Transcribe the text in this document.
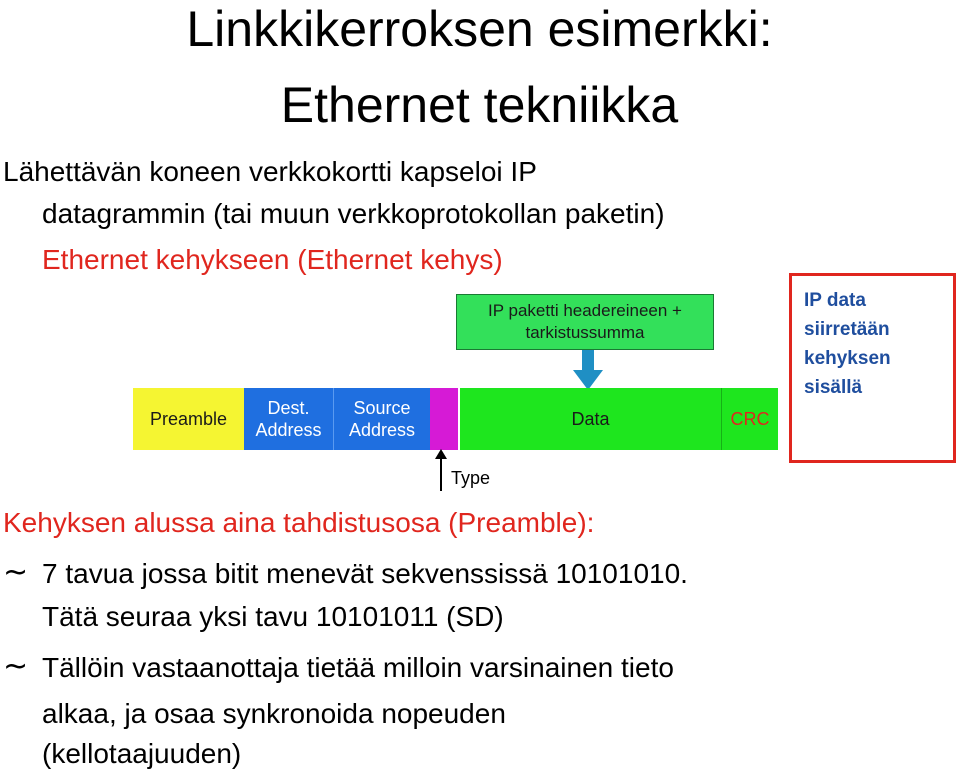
Linkkikerroksen esimerkki:
Ethernet tekniikka
Lähettävän koneen verkkokortti kapseloi IP
datagrammin (tai muun verkkoprotokollan paketin)
Ethernet kehykseen (Ethernet kehys)
IP paketti headereineen +
tarkistussumma
IP data
siirretään
kehyksen
sisällä
Preamble
Dest.
Address
Source
Address
Data	CRC
Type
Kehyksen alussa aina tahdistusosa (Preamble):
~ 7 tavua jossa bitit menevät sekvenssissä 10101010.
Tätä seuraa yksi tavu 10101011 (SD)
~ Tällöin vastaanottaja tietää milloin varsinainen tieto
alkaa, ja osaa synkronoida nopeuden
(kellotaajuuden)
